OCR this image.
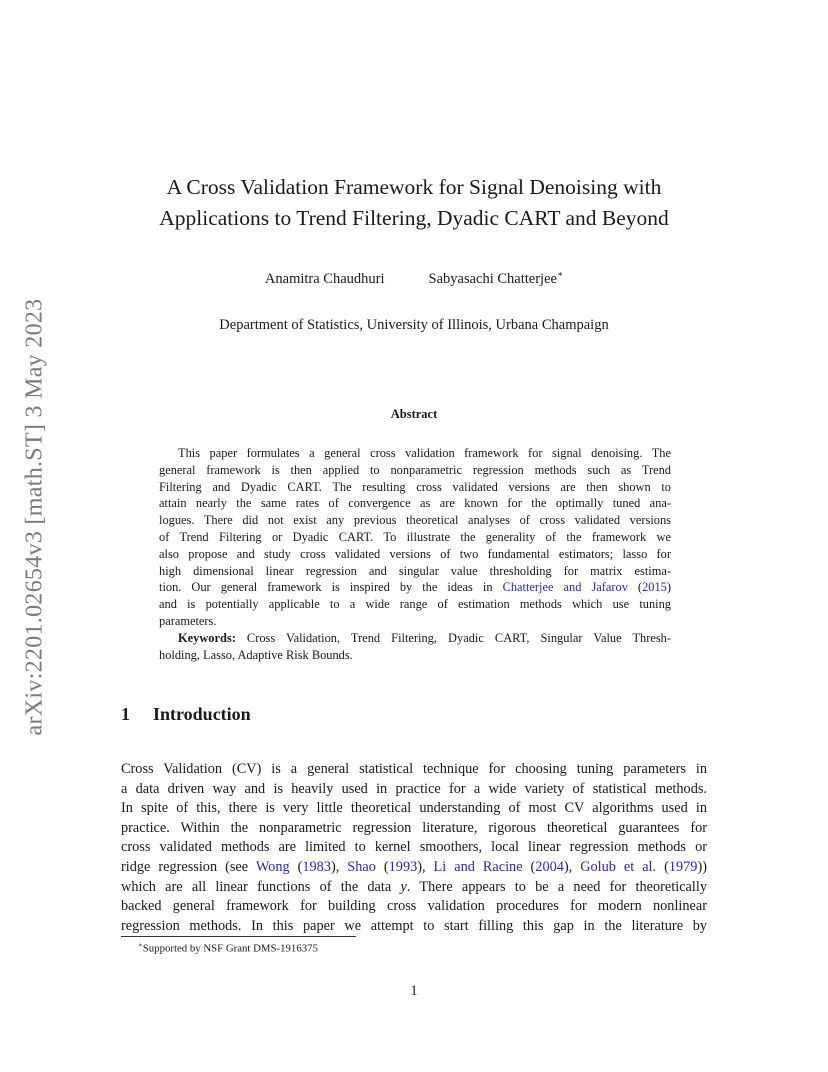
arXiv:2201.02654v3 [math.ST] 3 May 2023
A Cross Validation Framework for Signal Denoising with
Applications to Trend Filtering, Dyadic CART and Beyond
Anamitra Chaudhuri	Sabyasachi Chatterjee∗
Department of Statistics, University of Illinois, Urbana Champaign
Abstract
This paper formulates a general cross validation framework for signal denoising. The
general framework is then applied to nonparametric regression methods such as Trend
Filtering and Dyadic CART. The resulting cross validated versions are then shown to
attain nearly the same rates of convergence as are known for the optimally tuned ana-
logues. There did not exist any previous theoretical analyses of cross validated versions
of Trend Filtering or Dyadic CART. To illustrate the generality of the framework we
also propose and study cross validated versions of two fundamental estimators; lasso for
high dimensional linear regression and singular value thresholding for matrix estima-
tion. Our general framework is inspired by the ideas in Chatterjee and Jafarov (2015)
and is potentially applicable to a wide range of estimation methods which use tuning
parameters.
Keywords: Cross Validation, Trend Filtering, Dyadic CART, Singular Value Thresh-
holding, Lasso, Adaptive Risk Bounds.
1 Introduction
Cross Validation (CV) is a general statistical technique for choosing tuning parameters in
a data driven way and is heavily used in practice for a wide variety of statistical methods.
In spite of this, there is very little theoretical understanding of most CV algorithms used in
practice. Within the nonparametric regression literature, rigorous theoretical guarantees for
cross validated methods are limited to kernel smoothers, local linear regression methods or
ridge regression (see Wong (1983), Shao (1993), Li and Racine (2004), Golub et al. (1979))
which are all linear functions of the data y. There appears to be a need for theoretically
backed general framework for building cross validation procedures for modern nonlinear
regression methods. In this paper we attempt to start filling this gap in the literature by
∗Supported by NSF Grant DMS-1916375
1
